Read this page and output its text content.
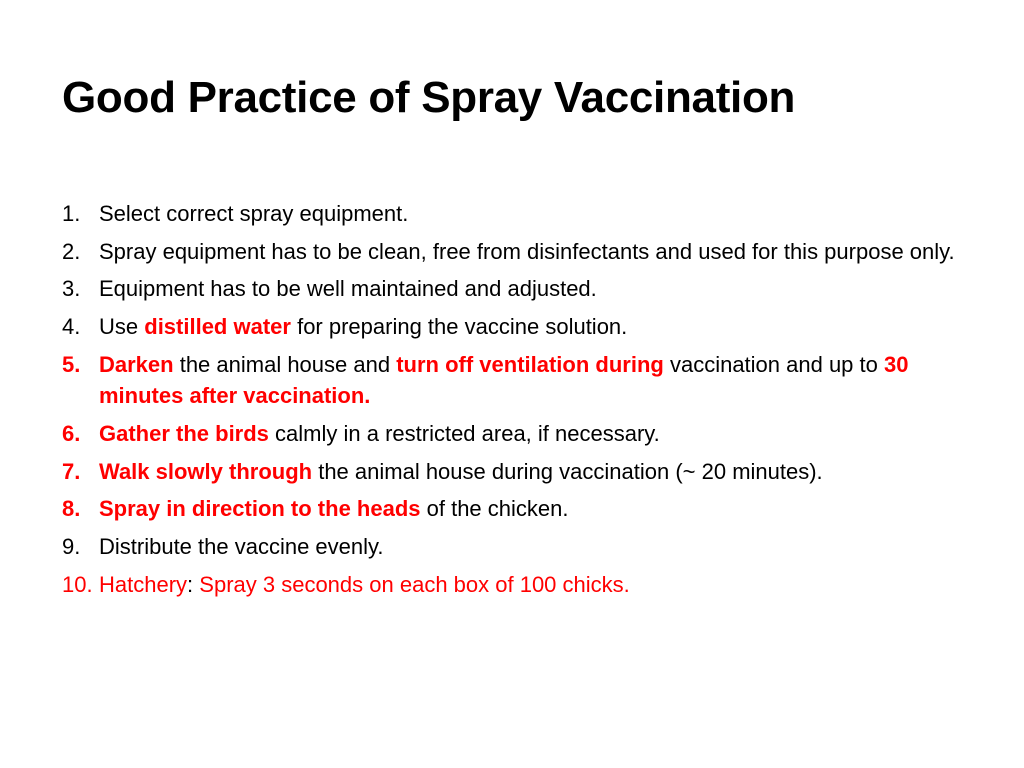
Good Practice of Spray Vaccination
1. Select correct spray equipment.
2. Spray equipment has to be clean, free from disinfectants and used for this purpose only.
3. Equipment has to be well maintained and adjusted.
4. Use distilled water for preparing the vaccine solution.
5. Darken the animal house and turn off ventilation during vaccination and up to 30 minutes after vaccination.
6. Gather the birds calmly in a restricted area, if necessary.
7. Walk slowly through the animal house during vaccination (~ 20 minutes).
8. Spray in direction to the heads of the chicken.
9. Distribute the vaccine evenly.
10. Hatchery: Spray 3 seconds on each box of 100 chicks.
